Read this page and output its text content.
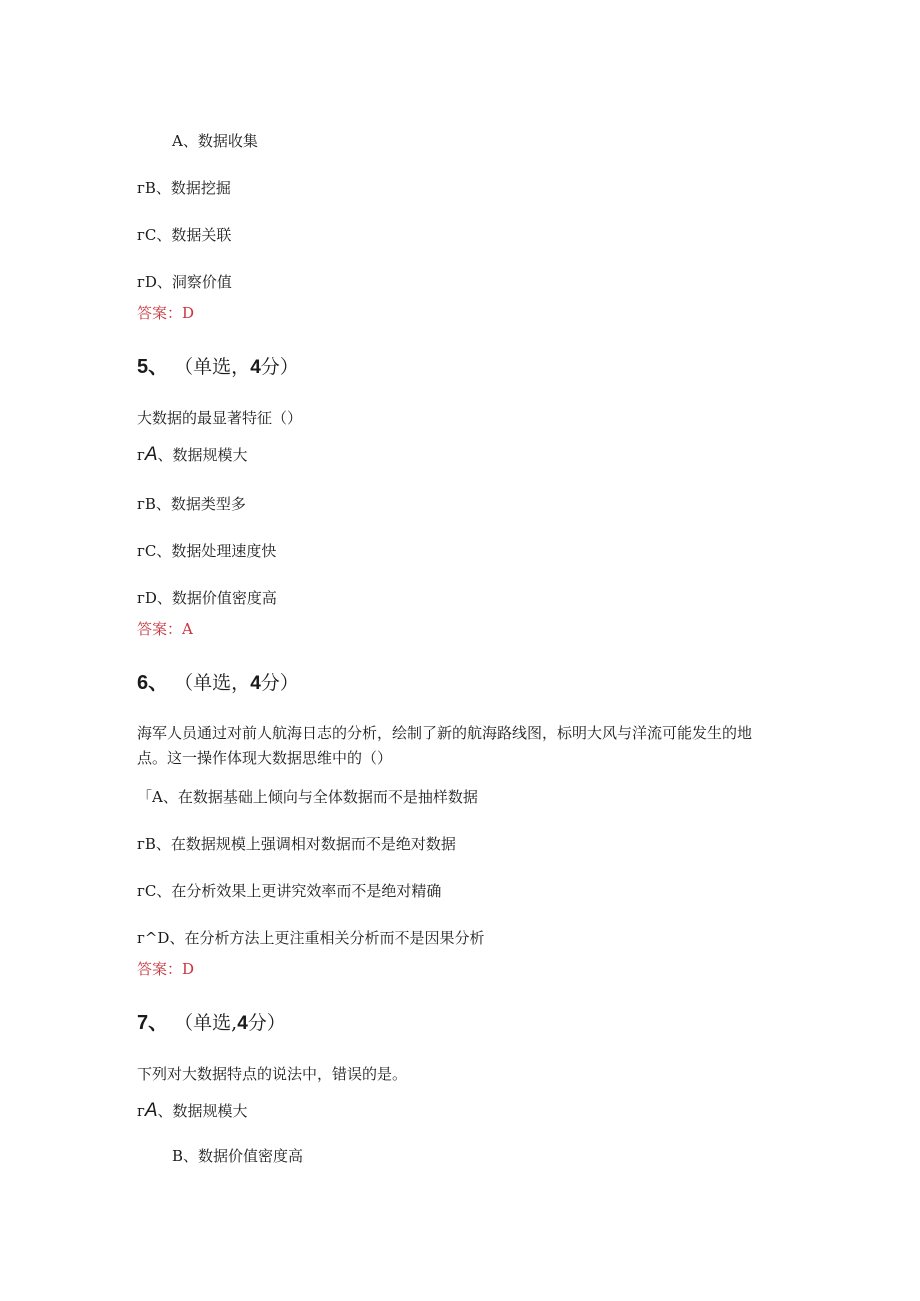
A、数据收集
ᴦB、数据挖掘
ᴦC、数据关联
ᴦD、洞察价值
答案：D
5、 （单选，4分）
大数据的最显著特征（）
ᴦA、数据规模大
ᴦB、数据类型多
ᴦC、数据处理速度快
ᴦD、数据价值密度高
答案：A
6、 （单选，4分）
海军人员通过对前人航海日志的分析，绘制了新的航海路线图，标明大风与洋流可能发生的地
点。这一操作体现大数据思维中的（）
「A、在数据基础上倾向与全体数据而不是抽样数据
ᴦB、在数据规模上强调相对数据而不是绝对数据
ᴦC、在分析效果上更讲究效率而不是绝对精确
ᴦ^D、在分析方法上更注重相关分析而不是因果分析
答案：D
7、 （单选,4分）
下列对大数据特点的说法中，错误的是。
ᴦA、数据规模大
B、数据价值密度高
